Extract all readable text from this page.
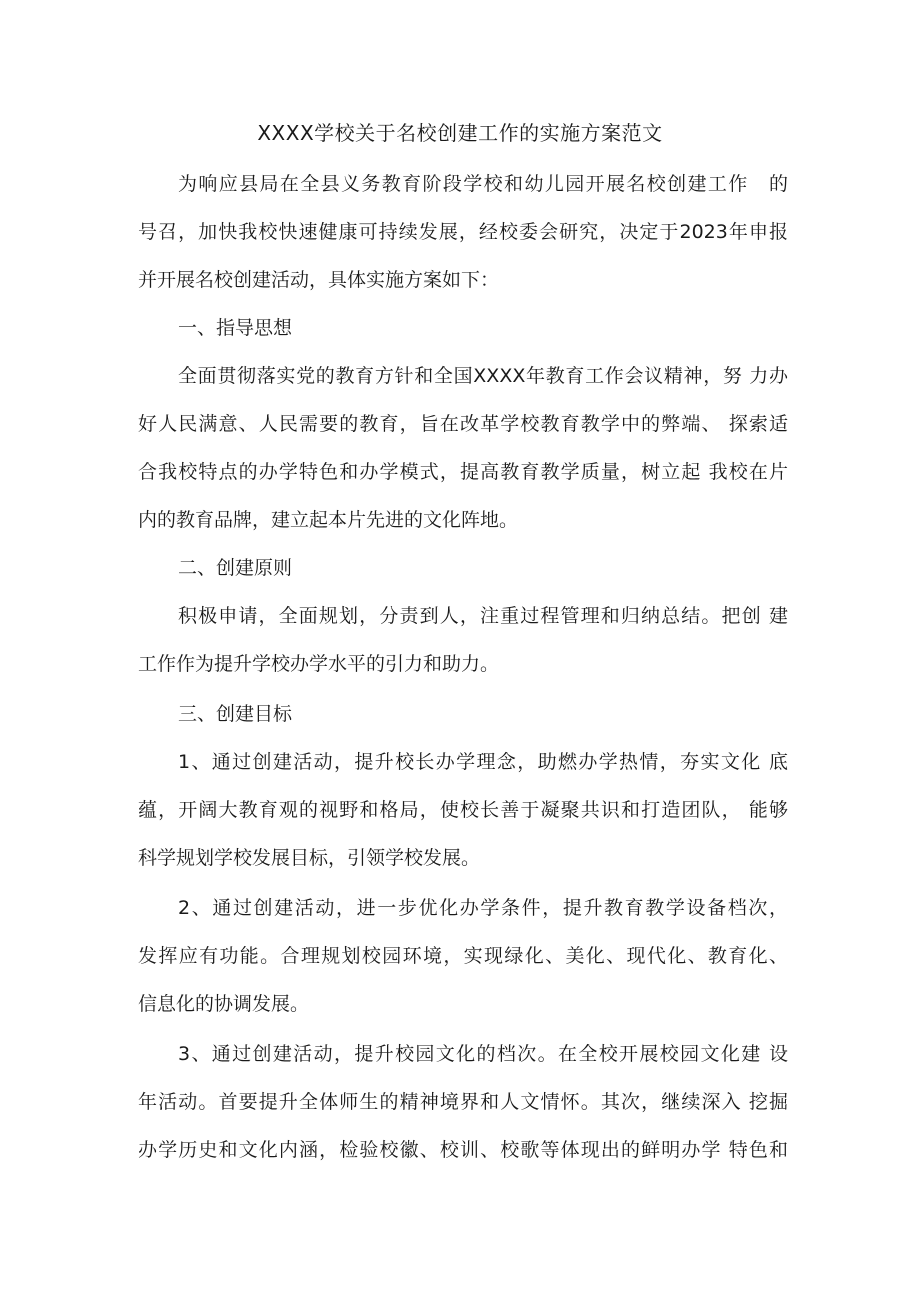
XXXX学校关于名校创建工作的实施方案范文
为响应县局在全县义务教育阶段学校和幼儿园开展名校创建工作　的
号召，加快我校快速健康可持续发展，经校委会研究，决定于2023年申报
并开展名校创建活动，具体实施方案如下：
一、指导思想
全面贯彻落实党的教育方针和全国XXXX年教育工作会议精神，努 力办
好人民满意、人民需要的教育，旨在改革学校教育教学中的弊端、 探索适
合我校特点的办学特色和办学模式，提高教育教学质量，树立起 我校在片
内的教育品牌，建立起本片先进的文化阵地。
二、创建原则
积极申请，全面规划，分责到人，注重过程管理和归纳总结。把创 建
工作作为提升学校办学水平的引力和助力。
三、创建目标
1、通过创建活动，提升校长办学理念，助燃办学热情，夯实文化 底
蕴，开阔大教育观的视野和格局，使校长善于凝聚共识和打造团队， 能够
科学规划学校发展目标，引领学校发展。
2、通过创建活动，进一步优化办学条件，提升教育教学设备档次，
发挥应有功能。合理规划校园环境，实现绿化、美化、现代化、教育化、
信息化的协调发展。
3、通过创建活动，提升校园文化的档次。在全校开展校园文化建 设
年活动。首要提升全体师生的精神境界和人文情怀。其次，继续深入 挖掘
办学历史和文化内涵，检验校徽、校训、校歌等体现出的鲜明办学 特色和
